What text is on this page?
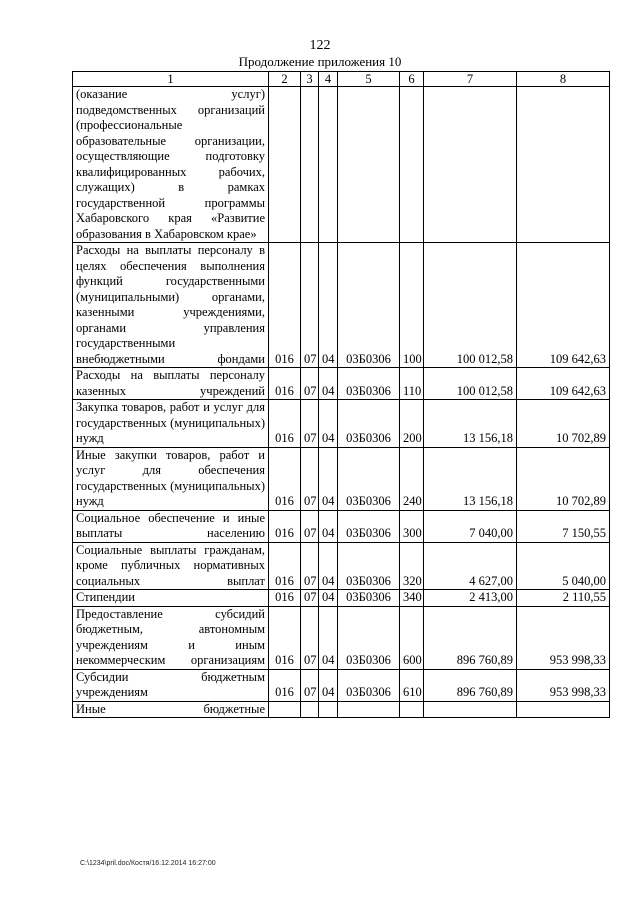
122
Продолжение приложения 10
1	2	3	4	5	6	7	8
(оказание услуг) подведомственных организаций (профессиональные образовательные организации, осуществляющие подготовку квалифицированных рабочих, служащих) в рамках государственной программы Хабаровского края «Развитие образования в Хабаровском крае»							
Расходы на выплаты персоналу в целях обеспечения выполнения функций государственными (муниципальными) органами, казенными учреждениями, органами управления государственными внебюджетными фондами	016	07	04	03Б0306	100	100 012,58	109 642,63
Расходы на выплаты персоналу казенных учреждений	016	07	04	03Б0306	110	100 012,58	109 642,63
Закупка товаров, работ и услуг для государственных (муниципальных) нужд	016	07	04	03Б0306	200	13 156,18	10 702,89
Иные закупки товаров, работ и услуг для обеспечения государственных (муниципальных) нужд	016	07	04	03Б0306	240	13 156,18	10 702,89
Социальное обеспечение и иные выплаты населению	016	07	04	03Б0306	300	7 040,00	7 150,55
Социальные выплаты гражданам, кроме публичных нормативных социальных выплат	016	07	04	03Б0306	320	4 627,00	5 040,00
Стипендии	016	07	04	03Б0306	340	2 413,00	2 110,55
Предоставление субсидий бюджетным, автономным учреждениям и иным некоммерческим организациям	016	07	04	03Б0306	600	896 760,89	953 998,33
Субсидии бюджетным учреждениям	016	07	04	03Б0306	610	896 760,89	953 998,33
Иные бюджетные							
C:\1234\pril.doc/Костя/16.12.2014 16:27:00
